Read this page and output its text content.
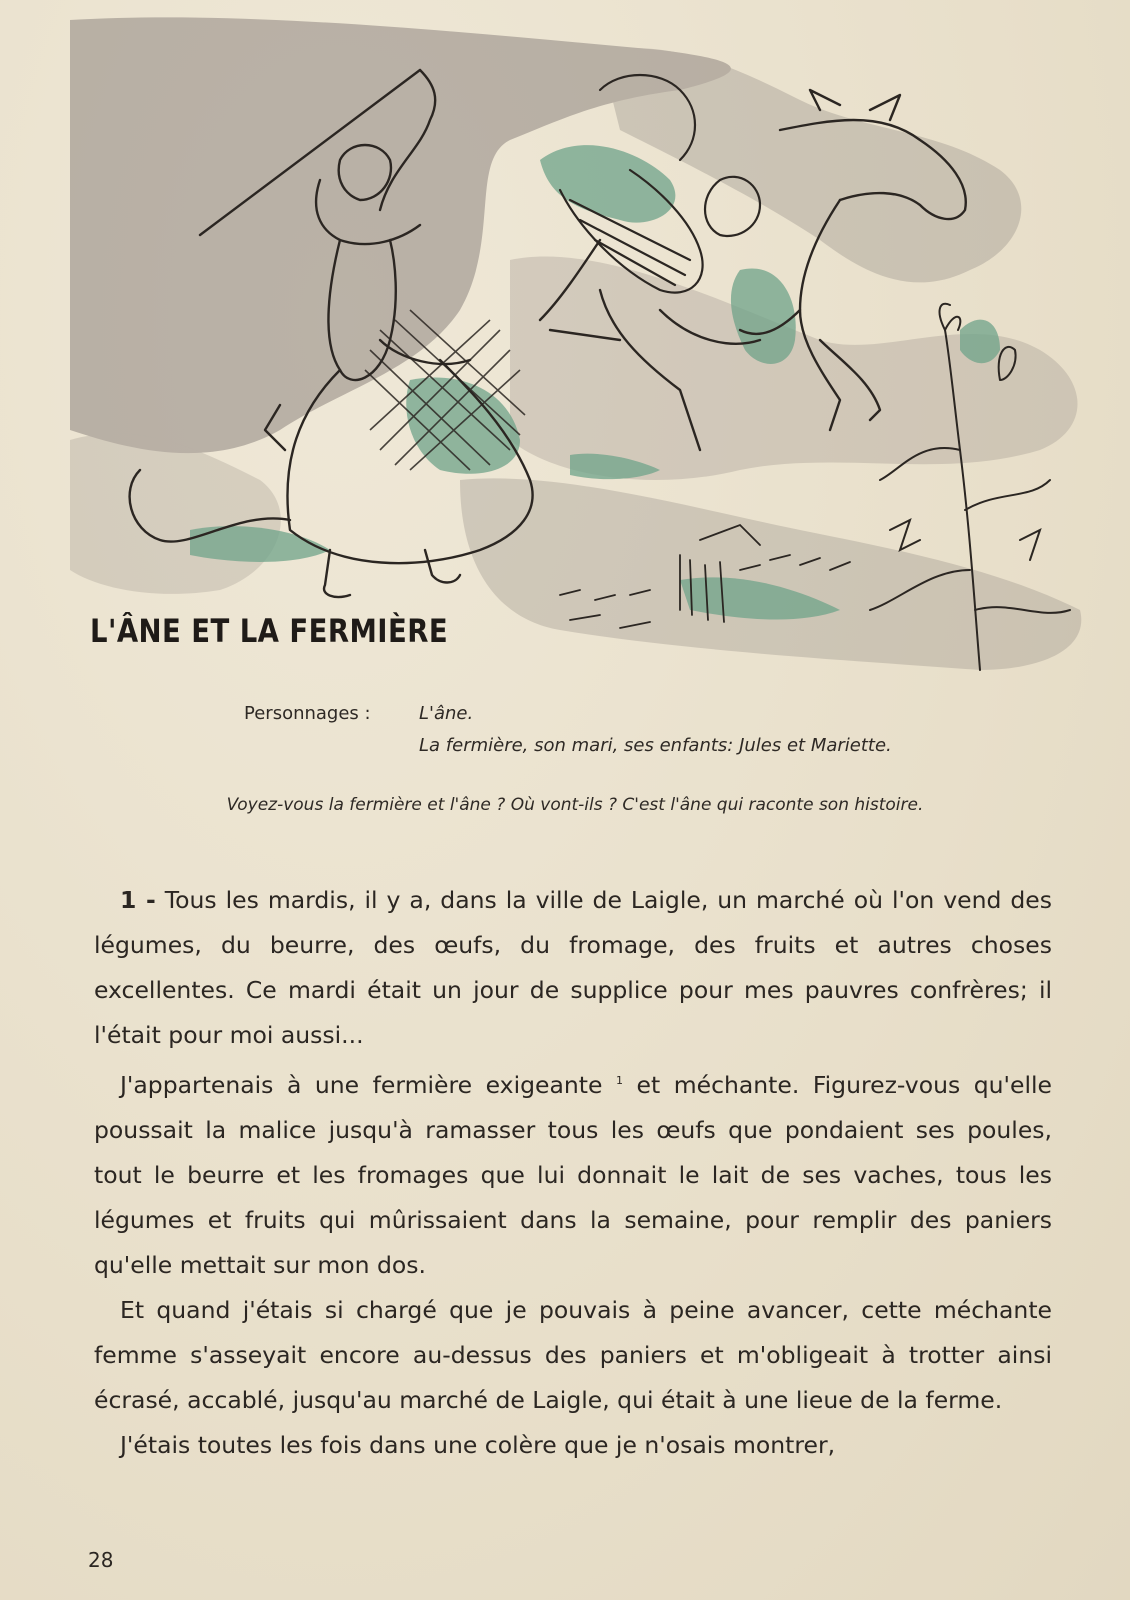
L'ÂNE ET LA FERMIÈRE
Personnages :	L'âne.
La fermière, son mari, ses enfants: Jules et Mariette.
Voyez-vous la fermière et l'âne ? Où vont-ils ? C'est l'âne qui raconte son histoire.

1 - Tous les mardis, il y a, dans la ville de Laigle, un marché où l'on vend des légumes, du beurre, des œufs, du fromage, des fruits et autres choses excellentes. Ce mardi était un jour de supplice pour mes pauvres confrères; il l'était pour moi aussi...

J'appartenais à une fermière exigeante $^1$ et méchante. Figurez-vous qu'elle poussait la malice jusqu'à ramasser tous les œufs que pondaient ses poules, tout le beurre et les fromages que lui donnait le lait de ses vaches, tous les légumes et fruits qui mûrissaient dans la semaine, pour remplir des paniers qu'elle mettait sur mon dos.

Et quand j'étais si chargé que je pouvais à peine avancer, cette méchante femme s'asseyait encore au-dessus des paniers et m'obligeait à trotter ainsi écrasé, accablé, jusqu'au marché de Laigle, qui était à une lieue de la ferme.

J'étais toutes les fois dans une colère que je n'osais montrer,

28
